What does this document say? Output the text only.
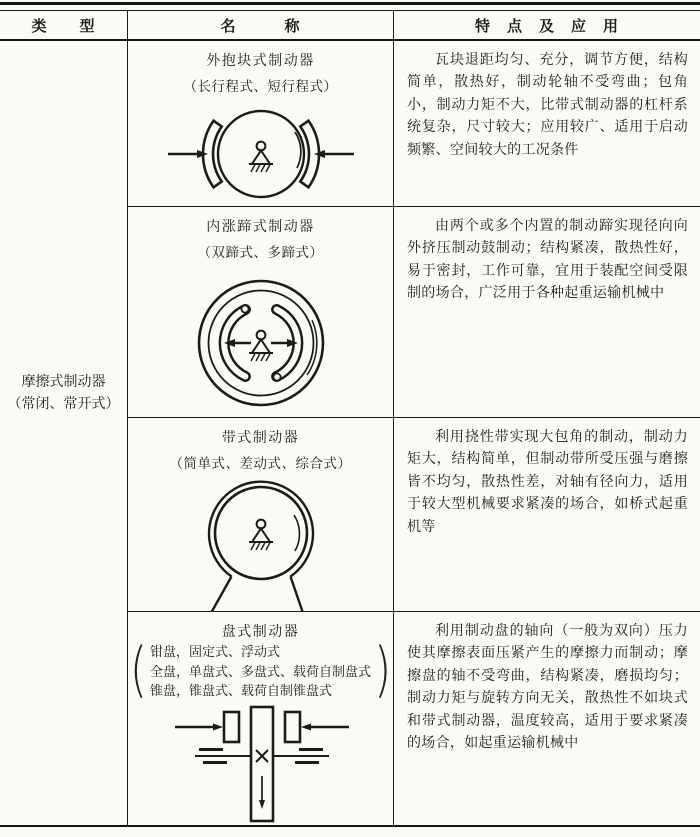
类　　型	名　　　称	特　点　及　应　用
摩擦式制动器
（常闭、常开式）
外抱块式制动器
（长行程式、短行程式）
瓦块退距均匀、充分，调节方便，结构简单，散热好，制动轮轴不受弯曲；包角小，制动力矩不大，比带式制动器的杠杆系统复杂，尺寸较大；应用较广、适用于启动频繁、空间较大的工况条件
内涨蹄式制动器
（双蹄式、多蹄式）
由两个或多个内置的制动蹄实现径向向外挤压制动鼓制动；结构紧凑，散热性好，易于密封，工作可靠，宜用于装配空间受限制的场合，广泛用于各种起重运输机械中
带式制动器
（简单式、差动式、综合式）
利用挠性带实现大包角的制动，制动力矩大，结构简单，但制动带所受压强与磨擦皆不均匀，散热性差，对轴有径向力，适用于较大型机械要求紧凑的场合，如桥式起重机等
盘式制动器
( 钳盘，固定式、浮动式
全盘，单盘式、多盘式、载荷自制盘式
锥盘，锥盘式、载荷自制锥盘式 )
利用制动盘的轴向（一般为双向）压力使其摩擦表面压紧产生的摩擦力而制动；摩擦盘的轴不受弯曲，结构紧凑，磨损均匀；制动力矩与旋转方向无关，散热性不如块式和带式制动器，温度较高，适用于要求紧凑的场合，如起重运输机械中
